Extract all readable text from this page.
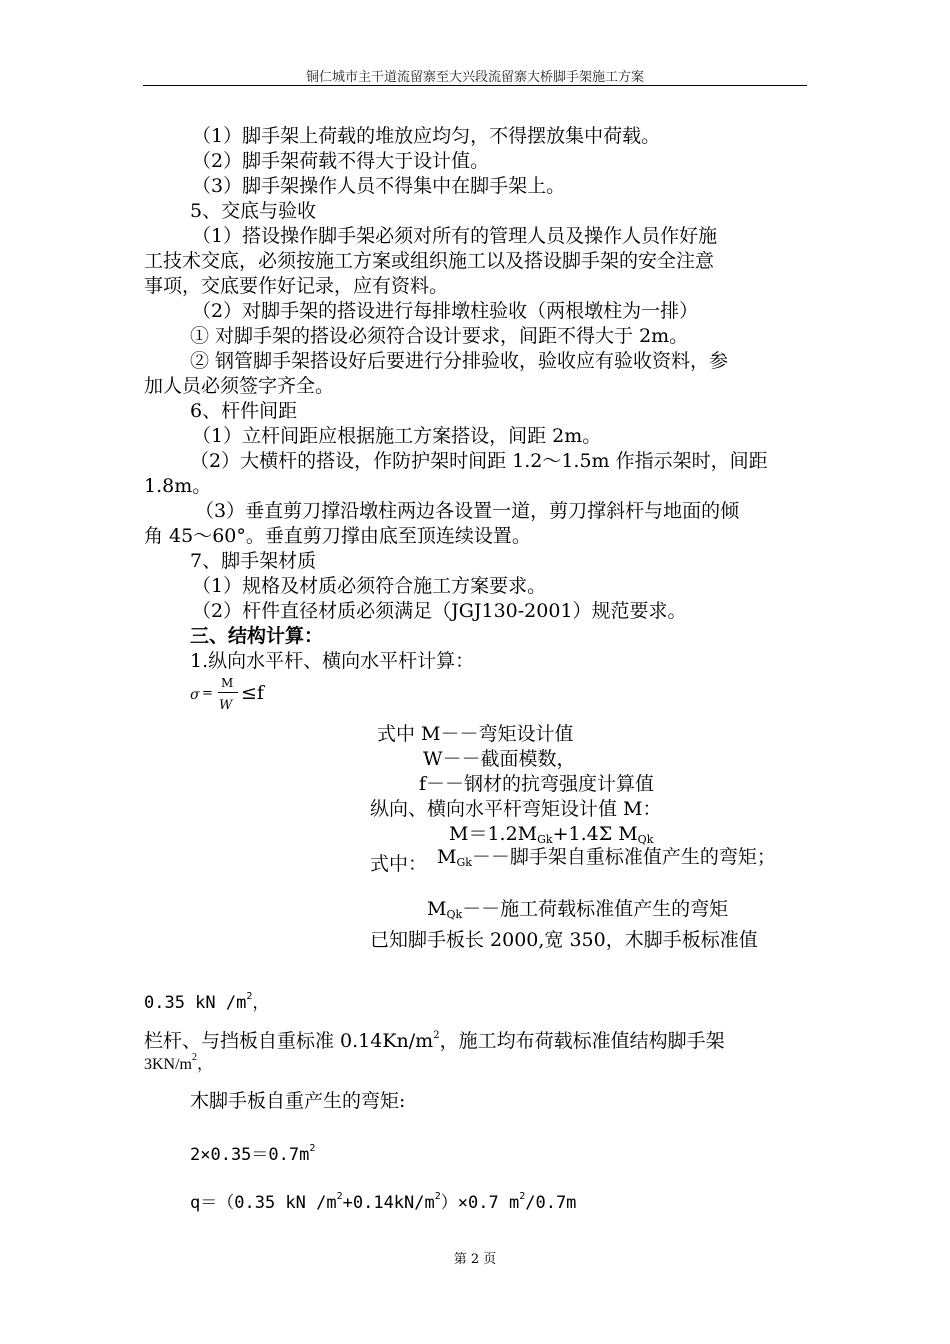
铜仁城市主干道流留寨至大兴段流留寨大桥脚手架施工方案
（1）脚手架上荷载的堆放应均匀，不得摆放集中荷载。
（2）脚手架荷载不得大于设计值。
（3）脚手架操作人员不得集中在脚手架上。
5、交底与验收
（1）搭设操作脚手架必须对所有的管理人员及操作人员作好施
工技术交底，必须按施工方案或组织施工以及搭设脚手架的安全注意
事项，交底要作好记录，应有资料。
（2）对脚手架的搭设进行每排墩柱验收（两根墩柱为一排）
① 对脚手架的搭设必须符合设计要求，间距不得大于 2m。
② 钢管脚手架搭设好后要进行分排验收，验收应有验收资料，参
加人员必须签字齐全。
6、杆件间距
（1）立杆间距应根据施工方案搭设，间距 2m。
（2）大横杆的搭设，作防护架时间距 1.2～1.5m 作指示架时，间距
1.8m。
（3）垂直剪刀撑沿墩柱两边各设置一道，剪刀撑斜杆与地面的倾
角 45～60°。垂直剪刀撑由底至顶连续设置。
7、脚手架材质
（1）规格及材质必须符合施工方案要求。
（2）杆件直径材质必须满足（JGJ130-2001）规范要求。
三、结构计算：
1.纵向水平杆、横向水平杆计算：
σ =
M
W
≤f
式中 M－－弯矩设计值
W－－截面模数，
f－－钢材的抗弯强度计算值
纵向、横向水平杆弯矩设计值 M：
$M=1.2M_{Gk}+1.4\Sigma$ $M_{Qk}$
式中： $M_{Gk}--$脚手架自重标准值产生的弯矩；
$M_{Qk}--$施工荷载标准值产生的弯矩
已知脚手板长 2000,宽 350，木脚手板标准值
0.35 kN $/m^2$，
栏杆、与挡板自重标准 $0.14Kn/m^2$，施工均布荷载标准值结构脚手架
$3KN/m^2$，
木脚手板自重产生的弯矩:
$2\times 0.35=0.7m^2$
q＝（0.35 kN $/m^2+0.14kN/m^2)\times 0.7$ $m^2/0.7m$
第 2 页
